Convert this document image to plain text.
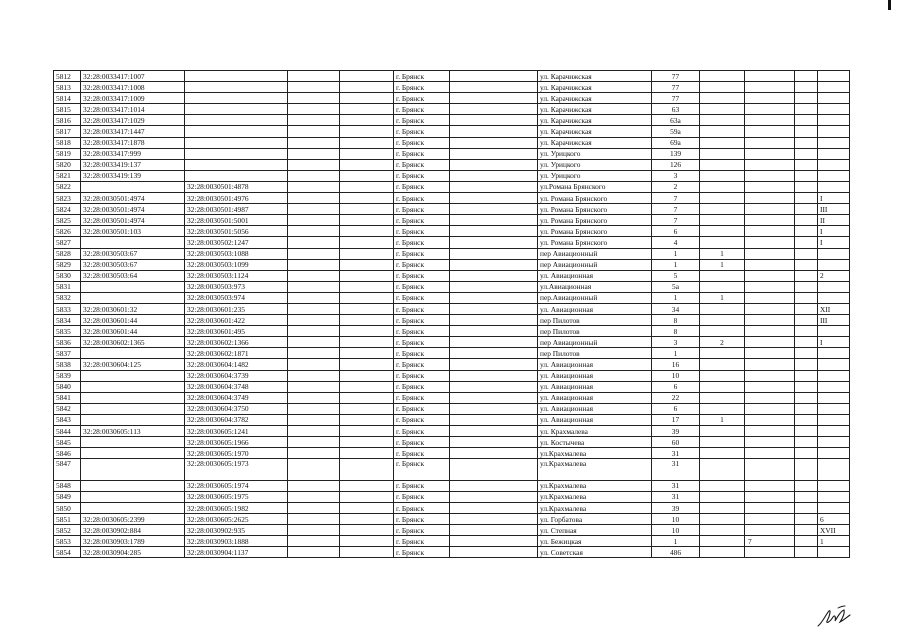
5812	32:28:0033417:1007				г. Брянск		ул. Карачижская	77				
5813	32:28:0033417:1008				г. Брянск		ул. Карачижская	77				
5814	32:28:0033417:1009				г. Брянск		ул. Карачижская	77				
5815	32:28:0033417:1014				г. Брянск		ул. Карачижская	63				
5816	32:28:0033417:1029				г. Брянск		ул. Карачижская	63а				
5817	32:28:0033417:1447				г. Брянск		ул. Карачижская	59а				
5818	32:28:0033417:1878				г. Брянск		ул. Карачижская	69а				
5819	32:28:0033417:999				г. Брянск		ул. Урицкого	139				
5820	32:28:0033419:137				г. Брянск		ул. Урицкого	126				
5821	32:28:0033419:139				г. Брянск		ул. Урицкого	3				
5822		32:28:0030501:4878			г. Брянск		ул.Романа Брянского	2				
5823	32:28:0030501:4974	32:28:0030501:4976			г. Брянск		ул. Романа Брянского	7				I
5824	32:28:0030501:4974	32:28:0030501:4987			г. Брянск		ул. Романа Брянского	7				III
5825	32:28:0030501:4974	32:28:0030501:5001			г. Брянск		ул. Романа Брянского	7				II
5826	32:28:0030501:103	32:28:0030501:5056			г. Брянск		ул. Романа Брянского	6				I
5827		32:28:0030502:1247			г. Брянск		ул. Романа Брянского	4				I
5828	32:28:0030503:67	32:28:0030503:1088			г. Брянск		пер Авиационный	1	1			
5829	32:28:0030503:67	32:28:0030503:1099			г. Брянск		пер Авиационный	1	1			
5830	32:28:0030503:64	32:28:0030503:1124			г. Брянск		ул. Авиационная	5				2
5831		32:28:0030503:973			г. Брянск		ул.Авиационная	5а				
5832		32:28:0030503:974			г. Брянск		пер.Авиационный	1	1			
5833	32:28:0030601:32	32:28:0030601:235			г. Брянск		ул. Авиационная	34				XII
5834	32:28:0030601:44	32:28:0030601:422			г. Брянск		пер Пилотов	8				III
5835	32:28:0030601:44	32:28:0030601:495			г. Брянск		пер Пилотов	8				
5836	32:28:0030602:1365	32:28:0030602:1366			г. Брянск		пер Авиационный	3	2			I
5837		32:28:0030602:1871			г. Брянск		пер Пилотов	1				
5838	32:28:0030604:125	32:28:0030604:1482			г. Брянск		ул. Авиационная	16				
5839		32:28:0030604:3739			г. Брянск		ул. Авиационная	10				
5840		32:28:0030604:3748			г. Брянск		ул. Авиационная	6				
5841		32:28:0030604:3749			г. Брянск		ул. Авиационная	22				
5842		32:28:0030604:3750			г. Брянск		ул. Авиационная	6				
5843		32:28:0030604:3782			г. Брянск		ул. Авиационная	17	1			
5844	32:28:0030605:113	32:28:0030605:1241			г. Брянск		ул. Крахмалева	39				
5845		32:28:0030605:1966			г. Брянск		ул. Костычева	60				
5846		32:28:0030605:1970			г. Брянск		ул.Крахмалева	31				
5847		32:28:0030605:1973			г. Брянск		ул.Крахмалева	31				
5848		32:28:0030605:1974			г. Брянск		ул.Крахмалева	31				
5849		32:28:0030605:1975			г. Брянск		ул.Крахмалева	31				
5850		32:28:0030605:1982			г. Брянск		ул.Крахмалева	39				
5851	32:28:0030605:2399	32:28:0030605:2625			г. Брянск		ул. Горбатова	10				6
5852	32:28:0030902:884	32:28:0030902:935			г. Брянск		ул. Степная	10				XVII
5853	32:28:0030903:1789	32:28:0030903:1888			г. Брянск		ул. Бежицкая	1		7		1
5854	32:28:0030904:285	32:28:0030904:1137			г. Брянск		ул. Советская	486				
